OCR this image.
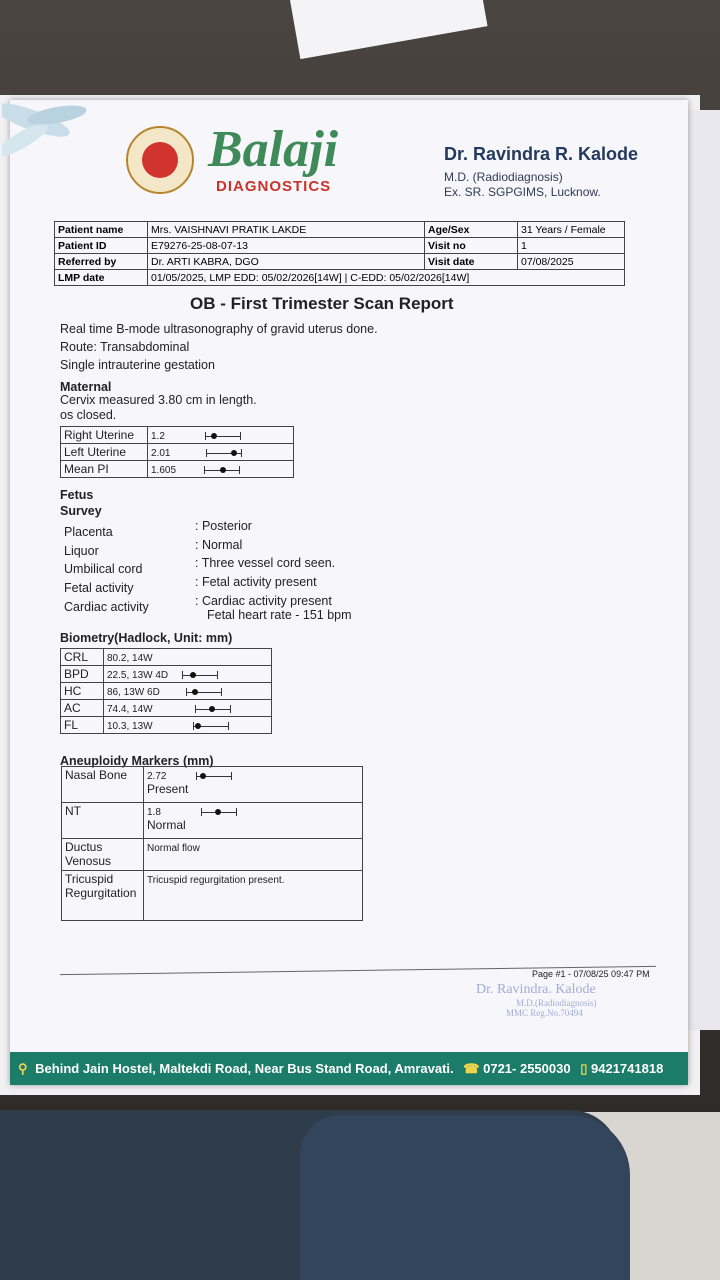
Balaji
DIAGNOSTICS
Dr. Ravindra R. Kalode
M.D. (Radiodiagnosis)
Ex. SR. SGPGIMS, Lucknow.
Patient name	Mrs. VAISHNAVI PRATIK LAKDE	Age/Sex	31 Years / Female
Patient ID	E79276-25-08-07-13	Visit no	1
Referred by	Dr. ARTI KABRA, DGO	Visit date	07/08/2025
LMP date	01/05/2025, LMP EDD: 05/02/2026[14W] | C-EDD: 05/02/2026[14W]		
OB - First Trimester Scan Report
Real time B-mode ultrasonography of gravid uterus done.
Route: Transabdominal
Single intrauterine gestation
Maternal
Cervix measured 3.80 cm in length.
os closed.
Right Uterine	1.2

Left Uterine	2.01

Mean PI	1.605
Fetus
Survey
Placenta	: Posterior
Liquor	: Normal
Umbilical cord	: Three vessel cord seen.
Fetal activity	: Fetal activity present
Cardiac activity	: Cardiac activity present
Fetal heart rate - 151 bpm
Biometry(Hadlock, Unit: mm)
CRL	80.2, 14W
BPD	22.5, 13W 4D

HC	86, 13W 6D

AC	74.4, 14W

FL	10.3, 13W
Aneuploidy Markers (mm)
Nasal Bone	2.72

Present
NT	1.8

Normal
Ductus Venosus	Normal flow
Tricuspid Regurgitation	Tricuspid regurgitation present.
Page #1 - 07/08/25 09:47 PM
Dr. Ravindra. Kalode
M.D.(Radiodiagnosis)
MMC Reg.No.70494
⚲ Behind Jain Hostel, Maltekdi Road, Near Bus Stand Road, Amravati. ☎ 0721- 2550030 ▯ 9421741818
